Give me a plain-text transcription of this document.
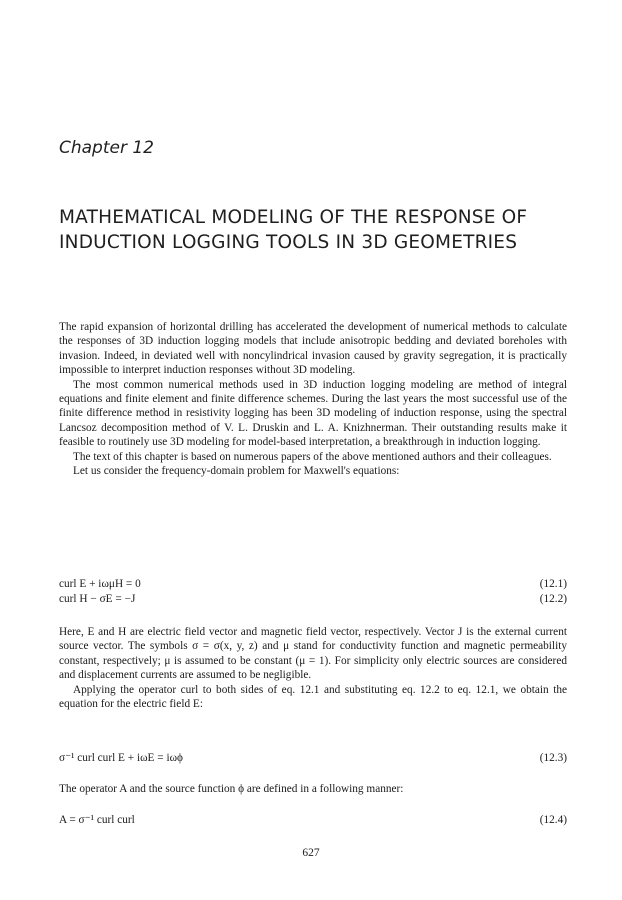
Chapter 12
MATHEMATICAL MODELING OF THE RESPONSE OF INDUCTION LOGGING TOOLS IN 3D GEOMETRIES

The rapid expansion of horizontal drilling has accelerated the development of numerical methods to calculate the responses of 3D induction logging models that include anisotropic bedding and deviated boreholes with invasion. Indeed, in deviated well with noncylindrical invasion caused by gravity segregation, it is practically impossible to interpret induction responses without 3D modeling.

The most common numerical methods used in 3D induction logging modeling are method of integral equations and finite element and finite difference schemes. During the last years the most successful use of the finite difference method in resistivity logging has been 3D modeling of induction response, using the spectral Lancsoz decomposition method of V. L. Druskin and L. A. Knizhnerman. Their outstanding results make it feasible to routinely use 3D modeling for model-based interpretation, a breakthrough in induction logging.

The text of this chapter is based on numerous papers of the above mentioned authors and their colleagues.

Let us consider the frequency-domain problem for Maxwell's equations:

curl E + iωμH = 0	(12.1)
curl H − σE = −J	(12.2)

Here, E and H are electric field vector and magnetic field vector, respectively. Vector J is the external current source vector. The symbols σ = σ(x, y, z) and μ stand for conductivity function and magnetic permeability constant, respectively; μ is assumed to be constant (μ = 1). For simplicity only electric sources are considered and displacement currents are assumed to be negligible.

Applying the operator curl to both sides of eq. 12.1 and substituting eq. 12.2 to eq. 12.1, we obtain the equation for the electric field E:

σ⁻¹ curl curl E + iωE = iωϕ	(12.3)

The operator A and the source function ϕ are defined in a following manner:

A = σ⁻¹ curl curl	(12.4)
627
